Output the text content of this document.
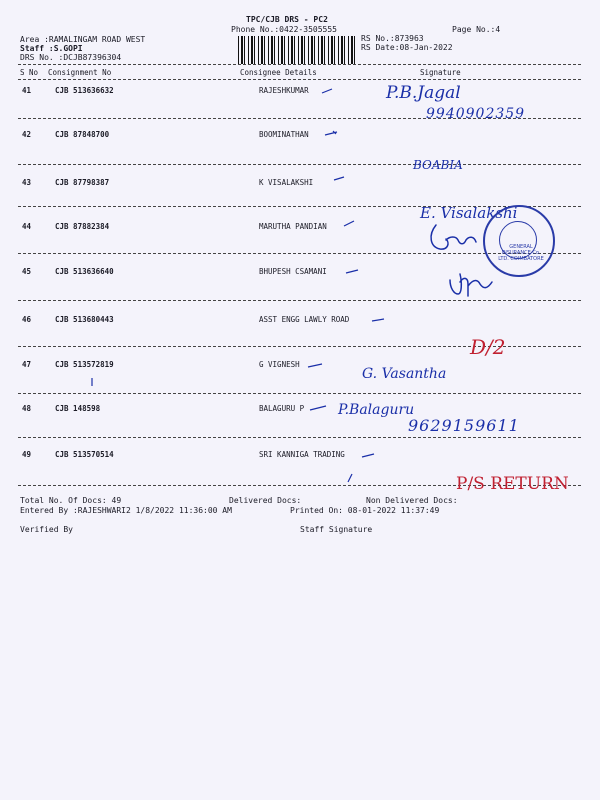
TPC/CJB DRS - PC2
Phone No.:0422-3505555	Page No.:4
Area :RAMALINGAM ROAD WEST
Staff :S.GOPI
DRS No. :DCJB87396304
RS No.:873963
RS Date:08-Jan-2022
S No Consignment No	Consignee Details	Signature
41	CJB 513636632	RAJESHKUMAR
42	CJB 87848700	BOOMINATHAN
43	CJB 87798387	K VISALAKSHI
44	CJB 87882384	MARUTHA PANDIAN
45	CJB 513636640	BHUPESH CSAMANI
46	CJB 513680443	ASST ENGG LAWLY ROAD
47	CJB 513572819	G VIGNESH
48	CJB 148598	BALAGURU P
49	CJB 513570514	SRI KANNIGA TRADING
P.B.Jagal
9940902359
BOABIA
E. Visalakshi
GENERAL INSURANCE Co. LTD. COIMBATORE
D/2
G. Vasantha
P.Balaguru
9629159611
P/S RETURN
Total No. Of Docs: 49	Delivered Docs:	Non Delivered Docs:
Entered By :RAJESHWARI2 1/8/2022 11:36:00 AM	Printed On: 08-01-2022 11:37:49
Verified By	Staff Signature
